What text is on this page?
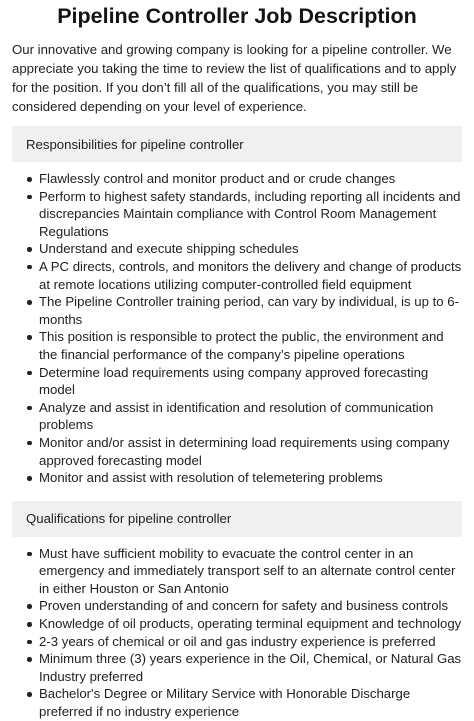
Pipeline Controller Job Description

Our innovative and growing company is looking for a pipeline controller. We appreciate you taking the time to review the list of qualifications and to apply for the position. If you don’t fill all of the qualifications, you may still be considered depending on your level of experience.

Responsibilities for pipeline controller
Flawlessly control and monitor product and or crude changes
Perform to highest safety standards, including reporting all incidents and discrepancies Maintain compliance with Control Room Management Regulations
Understand and execute shipping schedules
A PC directs, controls, and monitors the delivery and change of products at remote locations utilizing computer-controlled field equipment
The Pipeline Controller training period, can vary by individual, is up to 6-months
This position is responsible to protect the public, the environment and the financial performance of the company’s pipeline operations
Determine load requirements using company approved forecasting model
Analyze and assist in identification and resolution of communication problems
Monitor and/or assist in determining load requirements using company approved forecasting model
Monitor and assist with resolution of telemetering problems
Qualifications for pipeline controller
Must have sufficient mobility to evacuate the control center in an emergency and immediately transport self to an alternate control center in either Houston or San Antonio
Proven understanding of and concern for safety and business controls
Knowledge of oil products, operating terminal equipment and technology
2-3 years of chemical or oil and gas industry experience is preferred
Minimum three (3) years experience in the Oil, Chemical, or Natural Gas Industry preferred
Bachelor's Degree or Military Service with Honorable Discharge preferred if no industry experience
